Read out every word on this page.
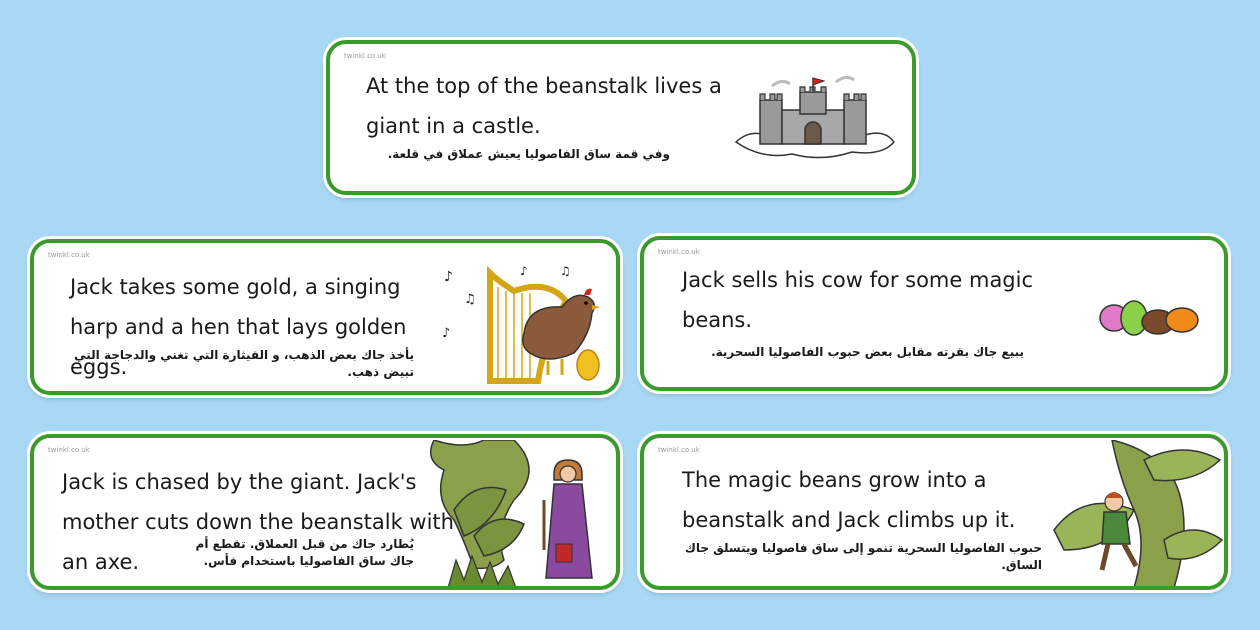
twinkl.co.uk
At the top of the beanstalk lives a giant in a castle.
وفي قمة ساق الفاصوليا يعيش عملاق في قلعة.
twinkl.co.uk
Jack takes some gold, a singing harp and a hen that lays golden eggs.
يأخذ جاك بعض الذهب، و القيثارة التي تغني والدجاجة التي تبيض ذهب.
♪
♫
♪
♪	♫
twinkl.co.uk
Jack sells his cow for some magic beans.
يبيع جاك بقرته مقابل بعض حبوب الفاصوليا السحرية.
twinkl.co.uk
Jack is chased by the giant. Jack's mother cuts down the beanstalk with an axe.
يُطارد جاك من قبل العملاق. تقطع أم جاك ساق الفاصوليا باستخدام فأس.
twinkl.co.uk
The magic beans grow into a beanstalk and Jack climbs up it.
حبوب الفاصوليا السحرية تنمو إلى ساق فاصوليا ويتسلق جاك الساق.
